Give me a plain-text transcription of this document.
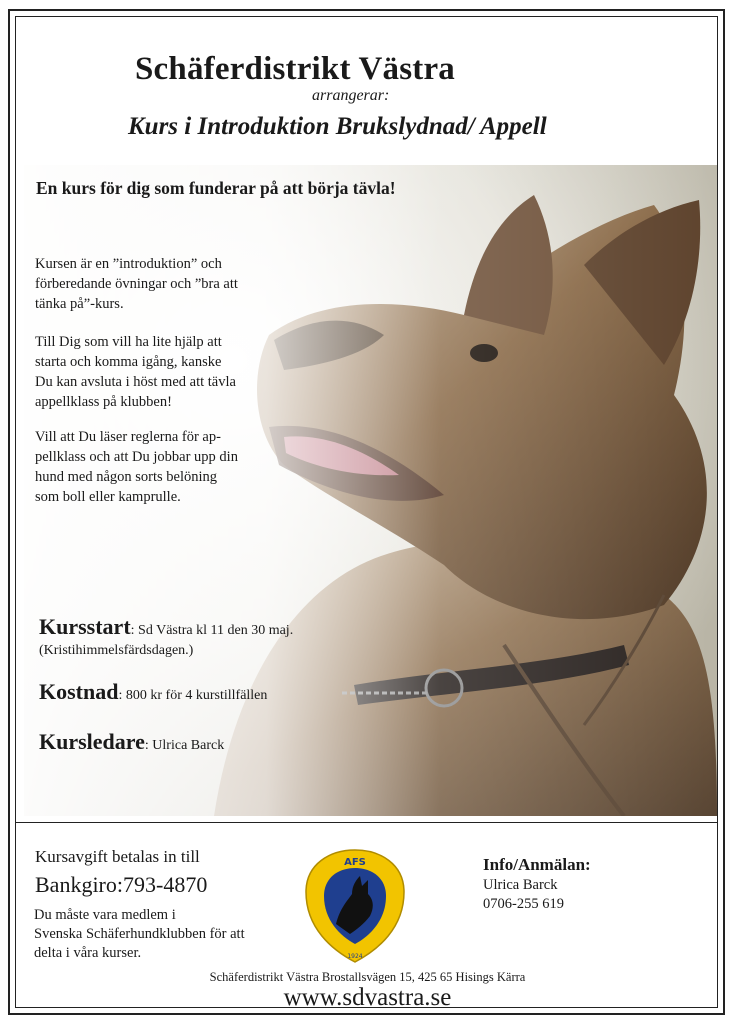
Schäferdistrikt Västra
arrangerar:
Kurs i Introduktion Brukslydnad/ Appell
En kurs för dig som funderar på att börja tävla!

Kursen är en ”introduktion” och
förberedande övningar och ”bra att
tänka på”-kurs.

Till Dig som vill ha lite hjälp att
starta och komma igång, kanske
Du kan avsluta i höst med att tävla
appellklass på klubben!

Vill att Du läser reglerna för ap-
pellklass och att Du jobbar upp din
hund med någon sorts belöning
som boll eller kamprulle.

Kursstart: Sd Västra kl 11 den 30 maj.
(Kristihimmelsfärdsdagen.)
Kostnad: 800 kr för 4 kurstillfällen
Kursledare: Ulrica Barck
Kursavgift betalas in till
Bankgiro:793-4870

Du måste vara medlem i
Svenska Schäferhundklubben för att
delta i våra kurser.

AFS
1924
Info/Anmälan:
Ulrica Barck
0706-255 619
Schäferdistrikt Västra Brostallsvägen 15, 425 65 Hisings Kärra
www.sdvastra.se
